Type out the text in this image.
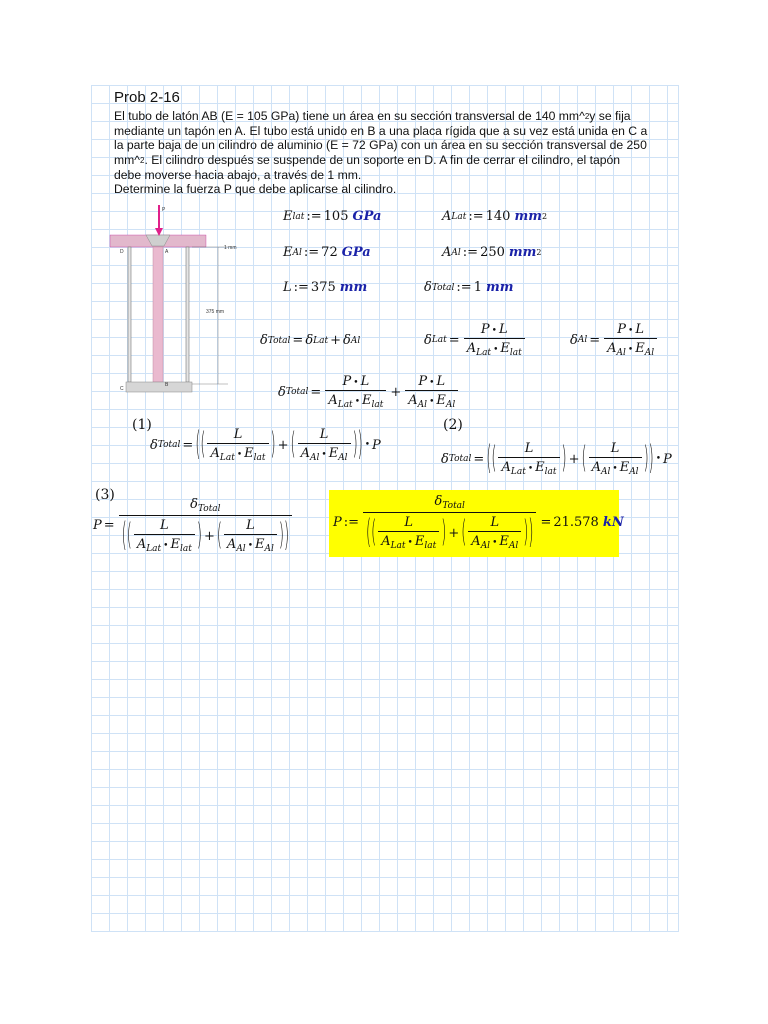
Prob 2-16
El tubo de latón AB (E = 105 GPa) tiene un área en su sección transversal de 140 mm^2y se fija
mediante un tapón en A. El tubo está unido en B a una placa rígida que a su vez está unida en C a
la parte baja de un cilindro de aluminio (E = 72 GPa) con un área en su sección transversal de 250
mm^2. El cilindro después se suspende de un soporte en D. A fin de cerrar el cilindro, el tapón
debe moverse hacia abajo, a través de 1 mm.
Determine la fuerza P que debe aplicarse al cilindro.
P
A
B
C
D
1 mm
375 mm
E lat := 105 GPa	A Lat := 140 mm 2
E Al := 72 GPa	A Al := 250 mm 2
L := 375 mm	δ Total := 1 mm
δ Total = δ Lat + δ Al	δ Lat = $\frac{P • L}{A_{Lat} • E_{lat}}$	δ $Al = \frac{P • L}{A_{Al} • E_{Al}}$
δ Total = $\frac{P • L}{A_{Lat} • E_{lat}} + \frac{P • L}{A_{Al} • E_{Al}}$
(1)
δ Total = ( ( $\frac{L}{A_{Lat} • E_{lat}}$ ) + ( $\frac{L}{A_{Al} • E_{Al}}$ ) ) • P
(2)
δ Total = ( ( $\frac{L}{A_{Lat} • E_{lat}}$ ) + ( $\frac{L}{A_{Al} • E_{Al}}$ ) ) • P
(3)
$P = \frac{\delta_{Total}}{( ( \frac{L}{A_{Lat} • E_{lat}} ) + ( \frac{L}{A_{Al} • E_{Al}} ) )}$	P := $\frac{\delta_{Total}}{( ( \frac{L}{A_{Lat} • E_{lat}} ) + ( \frac{L}{A_{Al} • E_{Al}} ) )} = 21.578$ kN
